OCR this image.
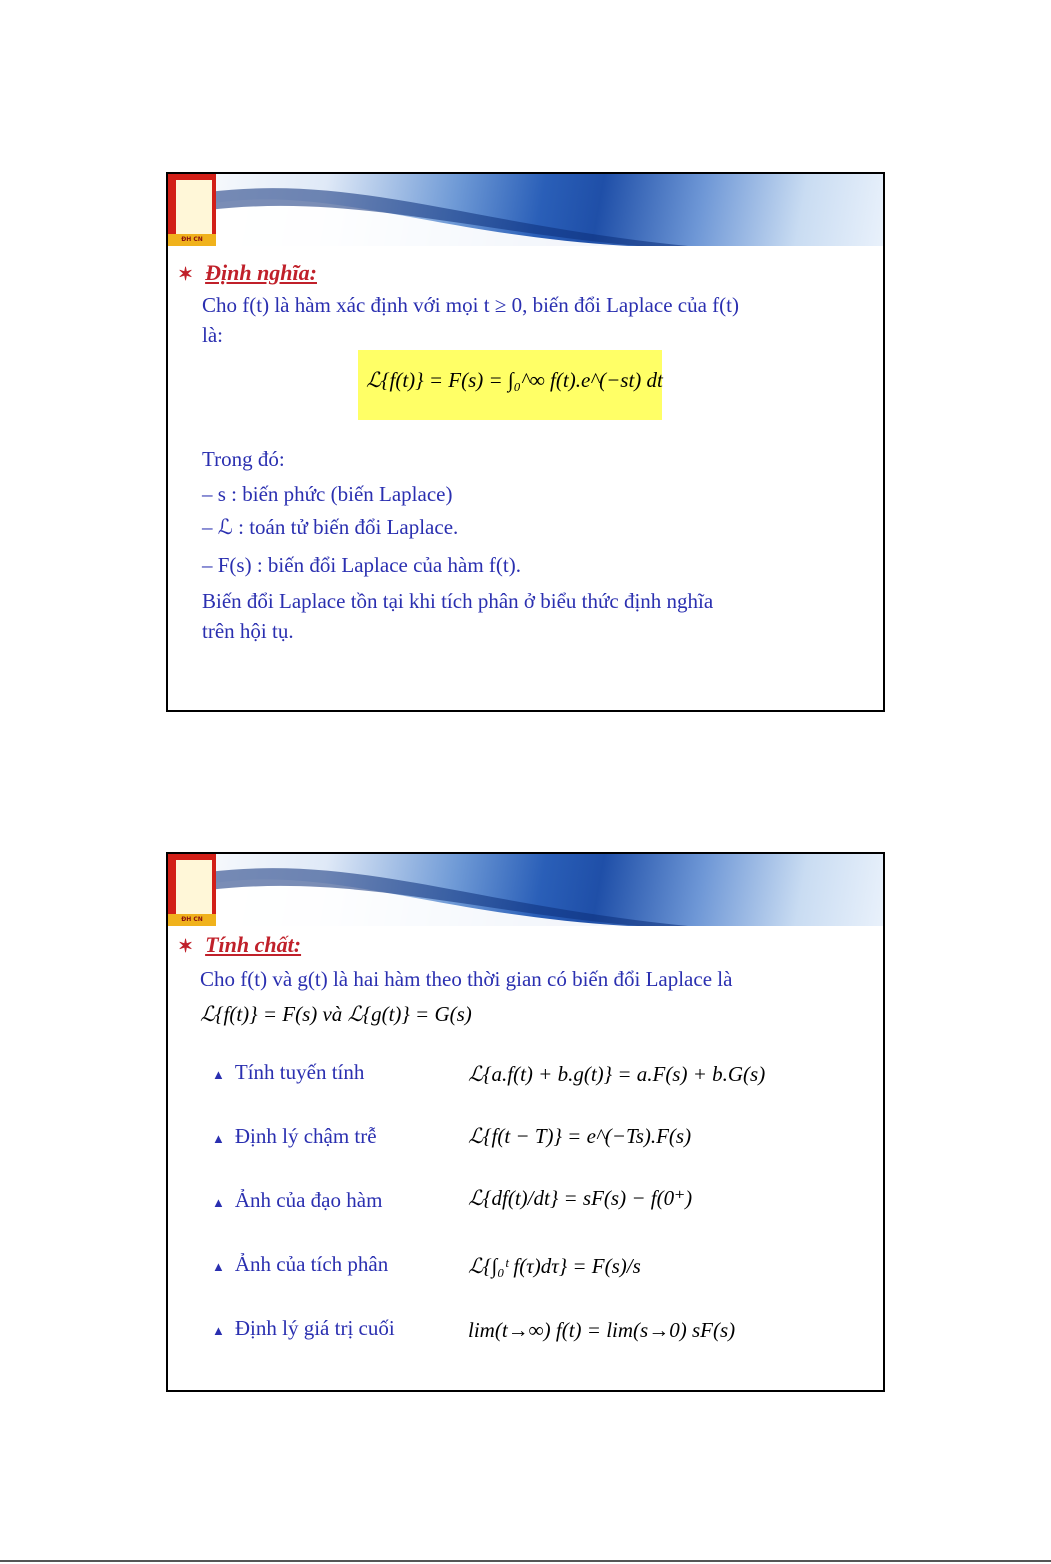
ĐH CN
✶ Định nghĩa:
Cho f(t) là hàm xác định với mọi t ≥ 0, biến đổi Laplace của f(t)
là:
ℒ{f(t)} = F(s) = ∫₀^∞ f(t).e^(−st) dt
Trong đó:
– s : biến phức (biến Laplace)
– ℒ : toán tử biến đổi Laplace.
– F(s) : biến đổi Laplace của hàm f(t).
Biến đổi Laplace tồn tại khi tích phân ở biểu thức định nghĩa
trên hội tụ.
ĐH CN
✶ Tính chất:
Cho f(t) và g(t) là hai hàm theo thời gian có biến đổi Laplace là
ℒ{f(t)} = F(s) và ℒ{g(t)} = G(s)
▲ Tính tuyến tính	ℒ{a.f(t) + b.g(t)} = a.F(s) + b.G(s)
▲ Định lý chậm trễ	ℒ{f(t − T)} = e^(−Ts).F(s)
▲ Ảnh của đạo hàm	ℒ{df(t)/dt} = sF(s) − f(0⁺)
▲ Ảnh của tích phân	ℒ{∫₀ᵗ f(τ)dτ} = F(s)/s
▲ Định lý giá trị cuối	lim(t→∞) f(t) = lim(s→0) sF(s)
